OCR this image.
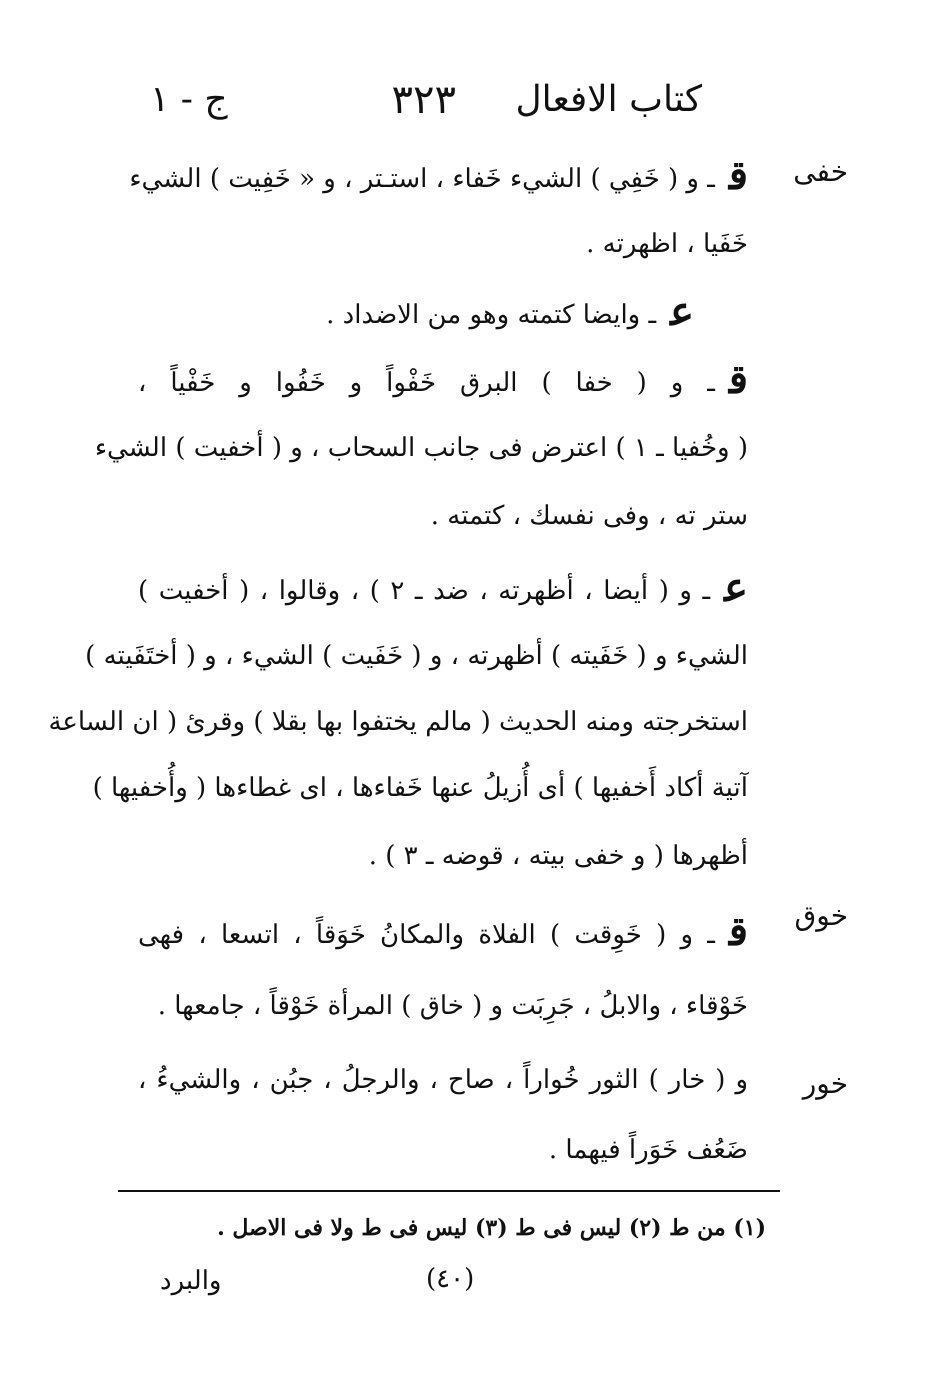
كتاب الافعال
٣٢٣
ج - ١
خفى
قـ و ( خَفِي ) الشيء خَفاء ، استـتر ، و « خَفِيت ) الشيء
خَفَيا ، اظهرته .
عـ وايضا كتمته وهو من الاضداد .
قـ و ( خفا ) البرق خَفْواً و خَفُوا و خَفْياً ،
( وخُفيا ـ ١ ) اعترض فى جانب السحاب ، و ( أخفيت ) الشيء
ستر ته ، وفى نفسك ، كتمته .
عـ و ( أيضا ، أظهرته ، ضد ـ ٢ ) ، وقالوا ، ( أخفيت )
الشيء و ( خَفَيته ) أظهرته ، و ( خَفَيت ) الشيء ، و ( أختَفَيته )
استخرجته ومنه الحديث ( مالم يختفوا بها بقلا ) وقرئ ( ان الساعة
آتية أكاد أَخفيها ) أى أُزيلُ عنها خَفاءها ، اى غطاءها ( وأُخفيها )
أظهرها ( و خفى بيته ، قوضه ـ ٣ ) .
خوق
قـ و ( خَوِقت ) الفلاة والمكانُ خَوَقاً ، اتسعا ، فهى
خَوْقاء ، والابلُ ، جَرِبَت و ( خاق ) المرأة خَوْقاً ، جامعها .
خور
و ( خار ) الثور خُواراً ، صاح ، والرجلُ ، جبُن ، والشيءُ ،
ضَعُف خَوَراً فيهما .
(١) من ط (٢) ليس فى ط (٣) ليس فى ط ولا فى الاصل .
(٤٠)
والبرد
